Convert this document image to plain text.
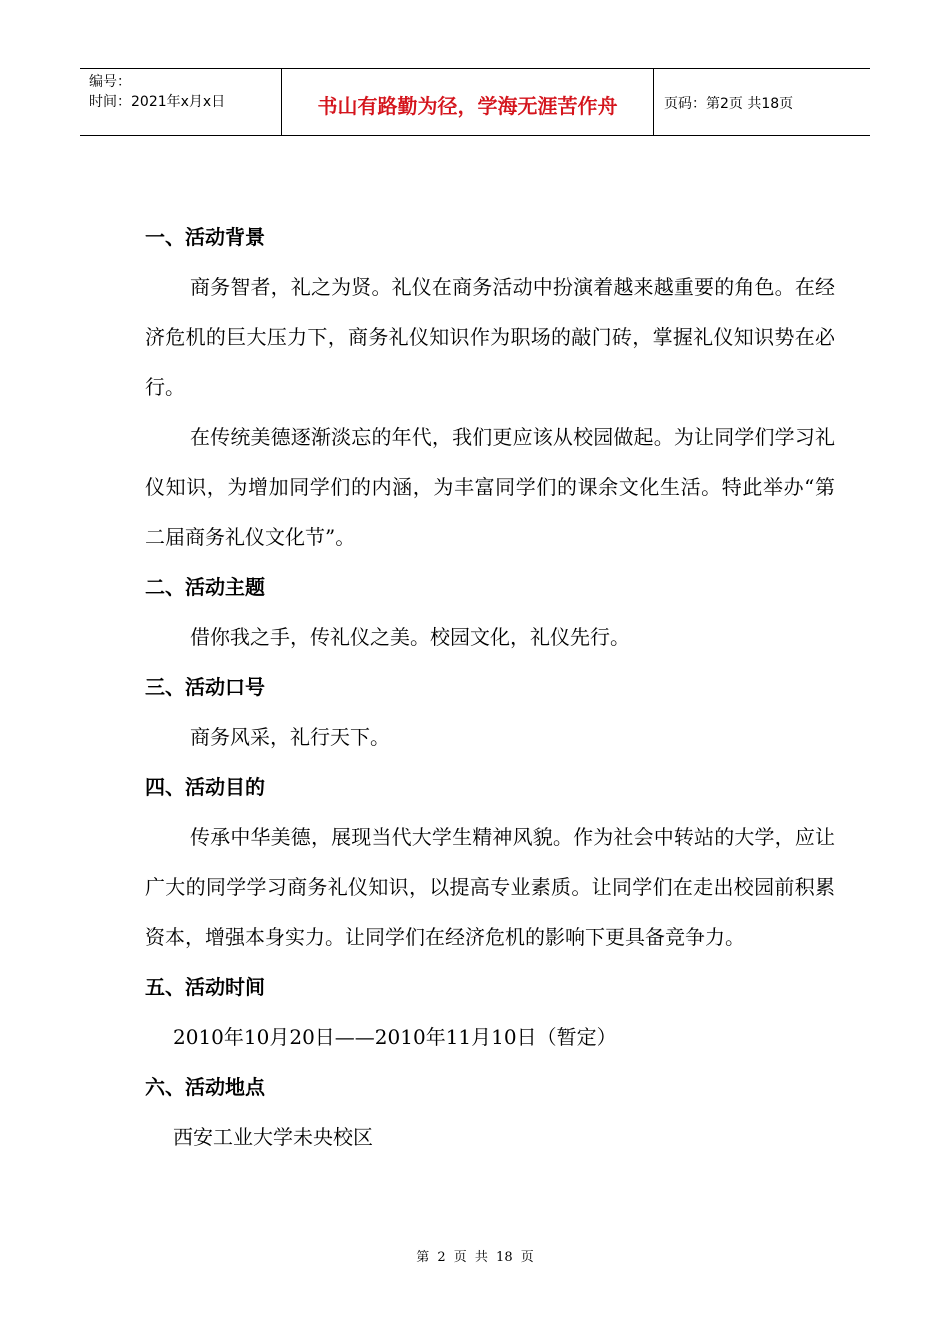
编号：
时间：2021年x月x日	书山有路勤为径，学海无涯苦作舟	页码：第2页 共18页
一、活动背景

商务智者，礼之为贤。礼仪在商务活动中扮演着越来越重要的角色。在经济危机的巨大压力下，商务礼仪知识作为职场的敲门砖，掌握礼仪知识势在必行。

在传统美德逐渐淡忘的年代，我们更应该从校园做起。为让同学们学习礼仪知识，为增加同学们的内涵，为丰富同学们的课余文化生活。特此举办“第二届商务礼仪文化节”。

二、活动主题

借你我之手，传礼仪之美。校园文化，礼仪先行。

三、活动口号

商务风采，礼行天下。

四、活动目的

传承中华美德，展现当代大学生精神风貌。作为社会中转站的大学，应让广大的同学学习商务礼仪知识，以提高专业素质。让同学们在走出校园前积累资本，增强本身实力。让同学们在经济危机的影响下更具备竞争力。

五、活动时间

2010年10月20日——2010年11月10日（暂定）

六、活动地点

西安工业大学未央校区

第 2 页 共 18 页
